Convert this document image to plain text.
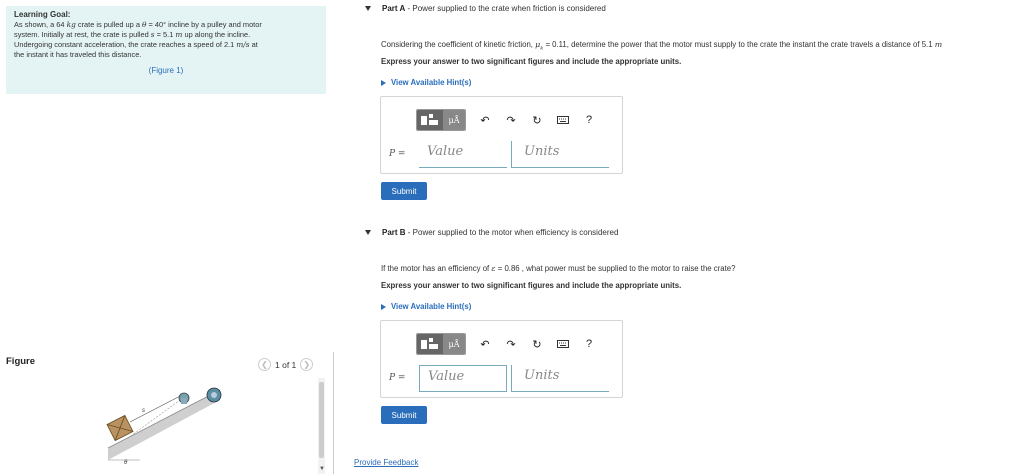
Learning Goal:
As shown, a 64 kg crate is pulled up a θ = 40° incline by a pulley and motor
system. Initially at rest, the crate is pulled s = 5.1 m up along the incline.
Undergoing constant acceleration, the crate reaches a speed of 2.1 m/s at
the instant it has traveled this distance.
(Figure 1)
Figure	❮ 1 of 1 ❯
s
θ
▼
Part A - Power supplied to the crate when friction is considered
Considering the coefficient of kinetic friction, $\mu_k = 0.11$, determine the power that the motor must supply to the crate the instant the crate travels a distance of 5.1 m
Express your answer to two significant figures and include the appropriate units.
View Available Hint(s)
μÅ	↶	↷	↻	?
P =	Value	Units
Submit
Part B - Power supplied to the motor when efficiency is considered
If the motor has an efficiency of ε = 0.86 , what power must be supplied to the motor to raise the crate?
Express your answer to two significant figures and include the appropriate units.
View Available Hint(s)
μÅ	↶	↷	↻	?
P =	Value	Units
Submit
Provide Feedback
